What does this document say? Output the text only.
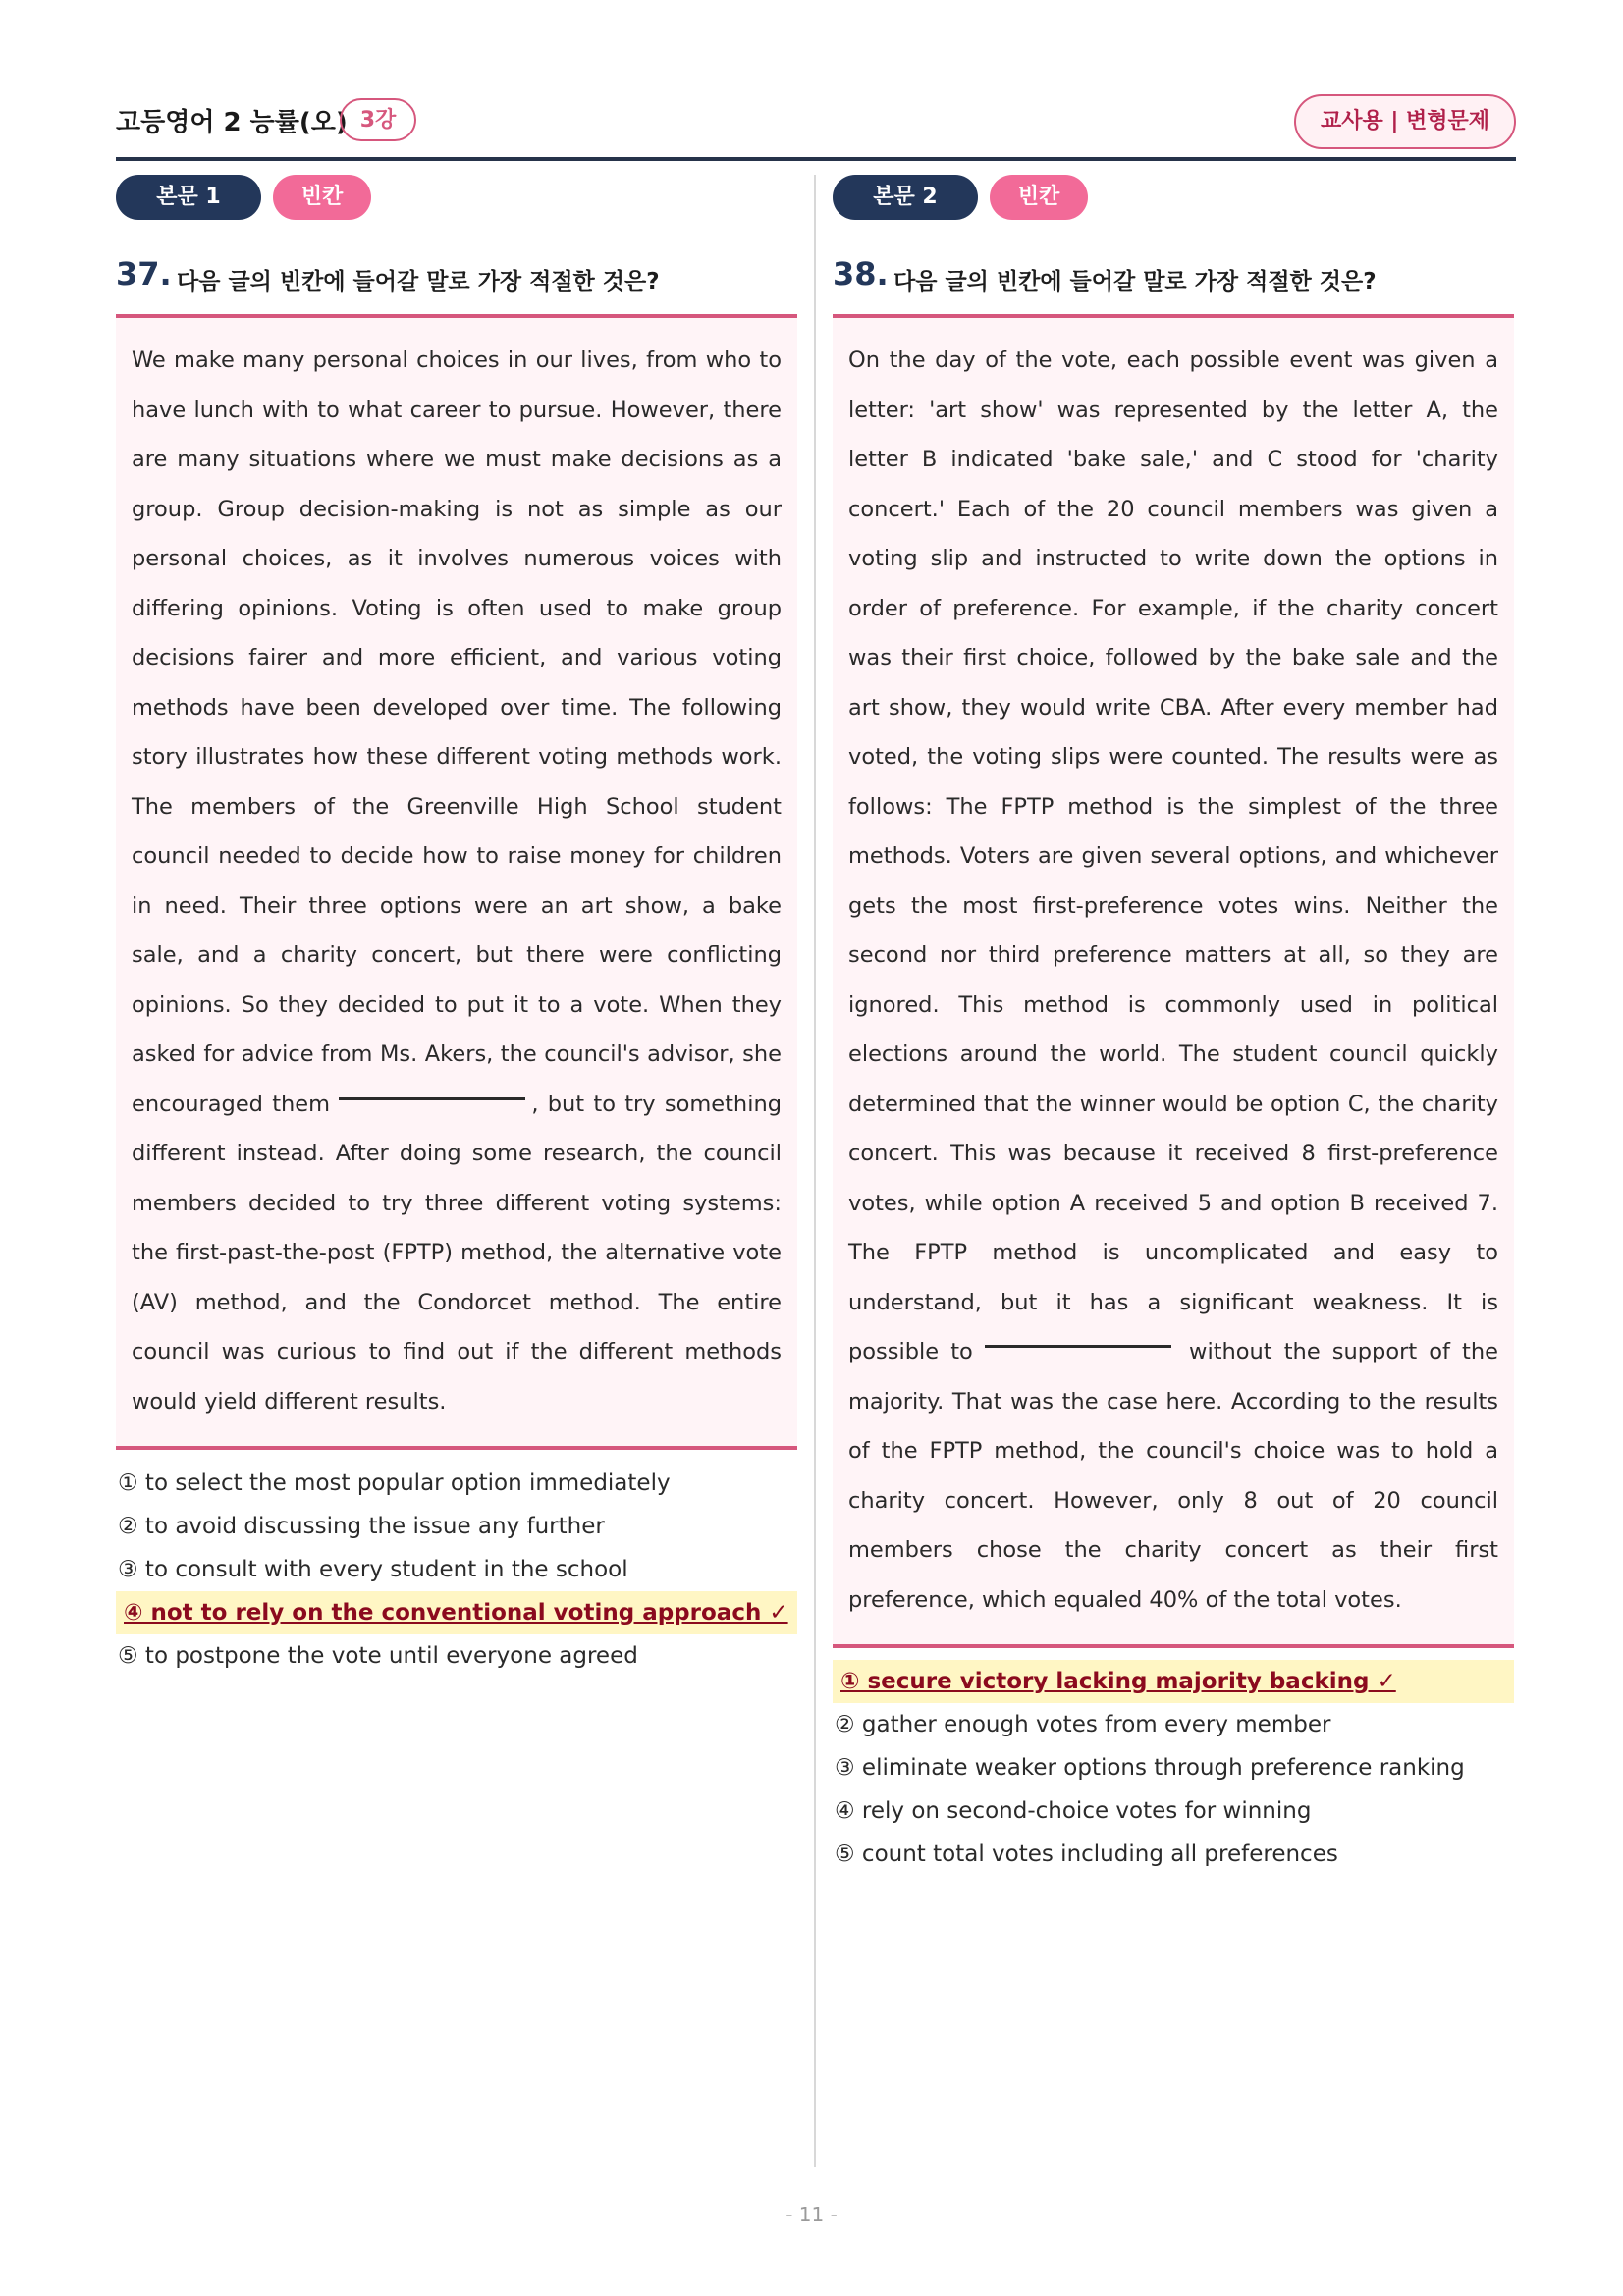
고등영어 2 능률(오) 3강	교사용 | 변형문제
본문 1	빈칸
37. 다음 글의 빈칸에 들어갈 말로 가장 적절한 것은?

We make many personal choices in our lives, from who to have lunch with to what career to pursue. However, there are many situations where we must make decisions as a group. Group decision-making is not as simple as our personal choices, as it involves numerous voices with differing opinions. Voting is often used to make group decisions fairer and more efficient, and various voting methods have been developed over time. The following story illustrates how these different voting methods work. The members of the Greenville High School student council needed to decide how to raise money for children in need. Their three options were an art show, a bake sale, and a charity concert, but there were conflicting opinions. So they decided to put it to a vote. When they asked for advice from Ms. Akers, the council's advisor, she encouraged them	, but to try something different instead. After doing some research, the council members decided to try three different voting systems: the first-past-the-post (FPTP) method, the alternative vote (AV) method, and the Condorcet method. The entire council was curious to find out if the different methods would yield different results.

① to select the most popular option immediately
② to avoid discussing the issue any further
③ to consult with every student in the school
④ not to rely on the conventional voting approach ✓
⑤ to postpone the vote until everyone agreed
본문 2	빈칸
38. 다음 글의 빈칸에 들어갈 말로 가장 적절한 것은?

On the day of the vote, each possible event was given a letter: 'art show' was represented by the letter A, the letter B indicated 'bake sale,' and C stood for 'charity concert.' Each of the 20 council members was given a voting slip and instructed to write down the options in order of preference. For example, if the charity concert was their first choice, followed by the bake sale and the art show, they would write CBA. After every member had voted, the voting slips were counted. The results were as follows: The FPTP method is the simplest of the three methods. Voters are given several options, and whichever gets the most first-preference votes wins. Neither the second nor third preference matters at all, so they are ignored. This method is commonly used in political elections around the world. The student council quickly determined that the winner would be option C, the charity concert. This was because it received 8 first-preference votes, while option A received 5 and option B received 7. The FPTP method is uncomplicated and easy to understand, but it has a significant weakness. It is possible to	without the support of the majority. That was the case here. According to the results of the FPTP method, the council's choice was to hold a charity concert. However, only 8 out of 20 council members chose the charity concert as their first preference, which equaled 40% of the total votes.

① secure victory lacking majority backing ✓
② gather enough votes from every member
③ eliminate weaker options through preference ranking
④ rely on second-choice votes for winning
⑤ count total votes including all preferences
- 11 -
